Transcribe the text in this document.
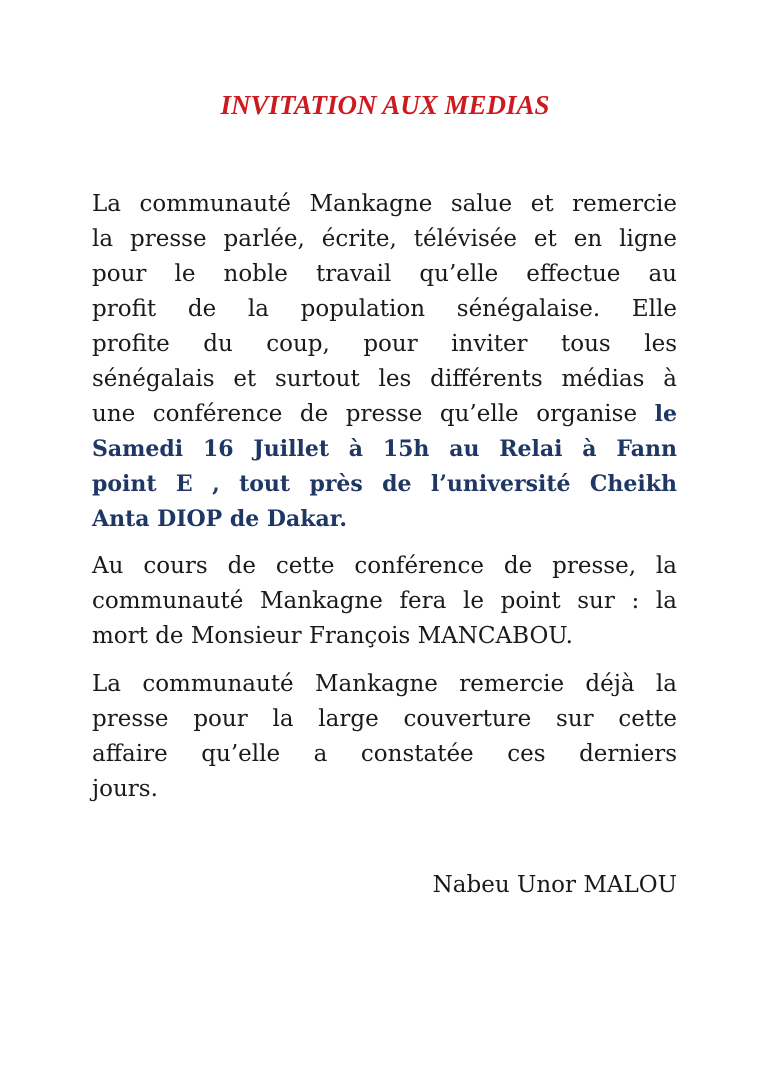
INVITATION AUX MEDIAS
La communauté Mankagne salue et remercie
la presse parlée, écrite, télévisée et en ligne
pour le noble travail qu’elle effectue au
profit de la population sénégalaise. Elle
profite du coup, pour inviter tous les
sénégalais et surtout les différents médias à
une conférence de presse qu’elle organise le
Samedi 16 Juillet à 15h au Relai à Fann
point E , tout près de l’université Cheikh
Anta DIOP de Dakar.
Au cours de cette conférence de presse, la
communauté Mankagne fera le point sur : la
mort de Monsieur François MANCABOU.
La communauté Mankagne remercie déjà la
presse pour la large couverture sur cette
affaire qu’elle a constatée ces derniers
jours.
Nabeu Unor MALOU
